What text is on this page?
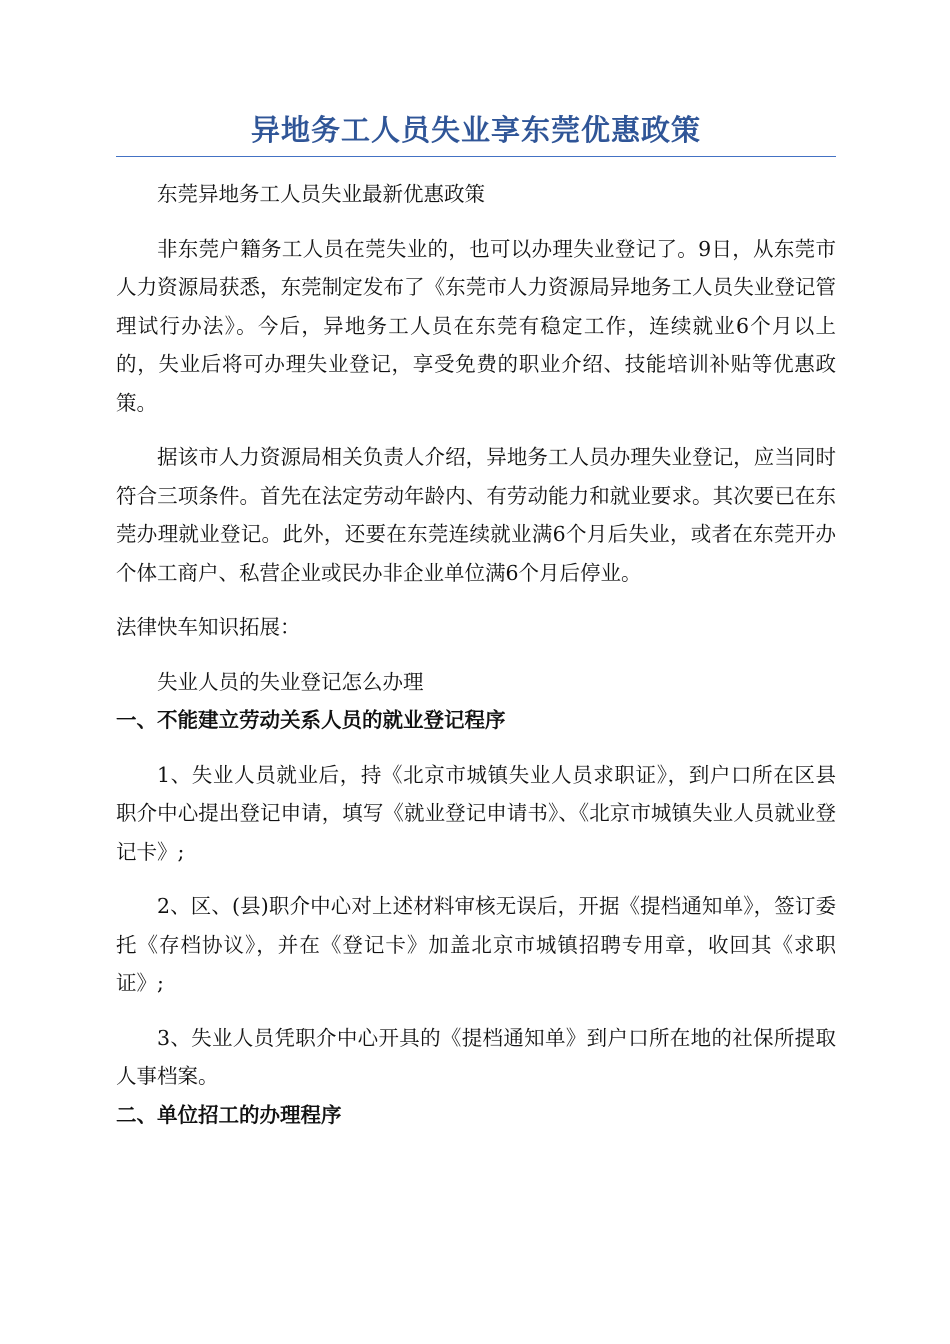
异地务工人员失业享东莞优惠政策

东莞异地务工人员失业最新优惠政策

非东莞户籍务工人员在莞失业的，也可以办理失业登记了。9日，从东莞市人力资源局获悉，东莞制定发布了《东莞市人力资源局异地务工人员失业登记管理试行办法》。今后，异地务工人员在东莞有稳定工作，连续就业6个月以上的，失业后将可办理失业登记，享受免费的职业介绍、技能培训补贴等优惠政策。

据该市人力资源局相关负责人介绍，异地务工人员办理失业登记，应当同时符合三项条件。首先在法定劳动年龄内、有劳动能力和就业要求。其次要已在东莞办理就业登记。此外，还要在东莞连续就业满6个月后失业，或者在东莞开办个体工商户、私营企业或民办非企业单位满6个月后停业。

法律快车知识拓展：

失业人员的失业登记怎么办理

一、不能建立劳动关系人员的就业登记程序

1、失业人员就业后，持《北京市城镇失业人员求职证》，到户口所在区县职介中心提出登记申请，填写《就业登记申请书》、《北京市城镇失业人员就业登记卡》;

2、区、(县)职介中心对上述材料审核无误后，开据《提档通知单》，签订委托《存档协议》，并在《登记卡》加盖北京市城镇招聘专用章，收回其《求职证》;

3、失业人员凭职介中心开具的《提档通知单》到户口所在地的社保所提取人事档案。

二、单位招工的办理程序
